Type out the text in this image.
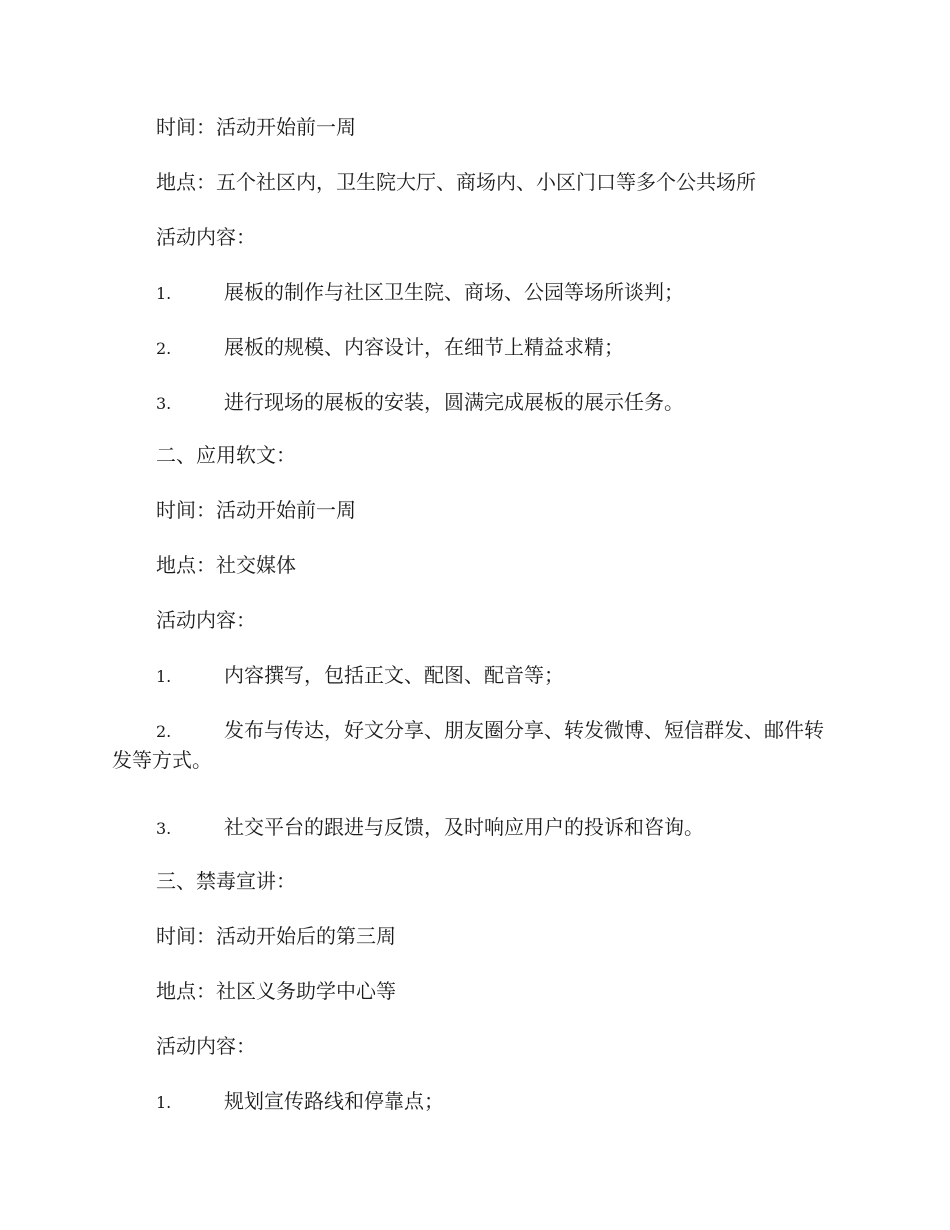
时间：活动开始前一周
地点：五个社区内，卫生院大厅、商场内、小区门口等多个公共场所
活动内容：
1.	展板的制作与社区卫生院、商场、公园等场所谈判；
2.	展板的规模、内容设计，在细节上精益求精；
3.	进行现场的展板的安装，圆满完成展板的展示任务。
二、应用软文：
时间：活动开始前一周
地点：社交媒体
活动内容：
1.	内容撰写，包括正文、配图、配音等；
2.	发布与传达，好文分享、朋友圈分享、转发微博、短信群发、邮件转发等方式。
3.	社交平台的跟进与反馈，及时响应用户的投诉和咨询。
三、禁毒宣讲：
时间：活动开始后的第三周
地点：社区义务助学中心等
活动内容：
1.	规划宣传路线和停靠点；
